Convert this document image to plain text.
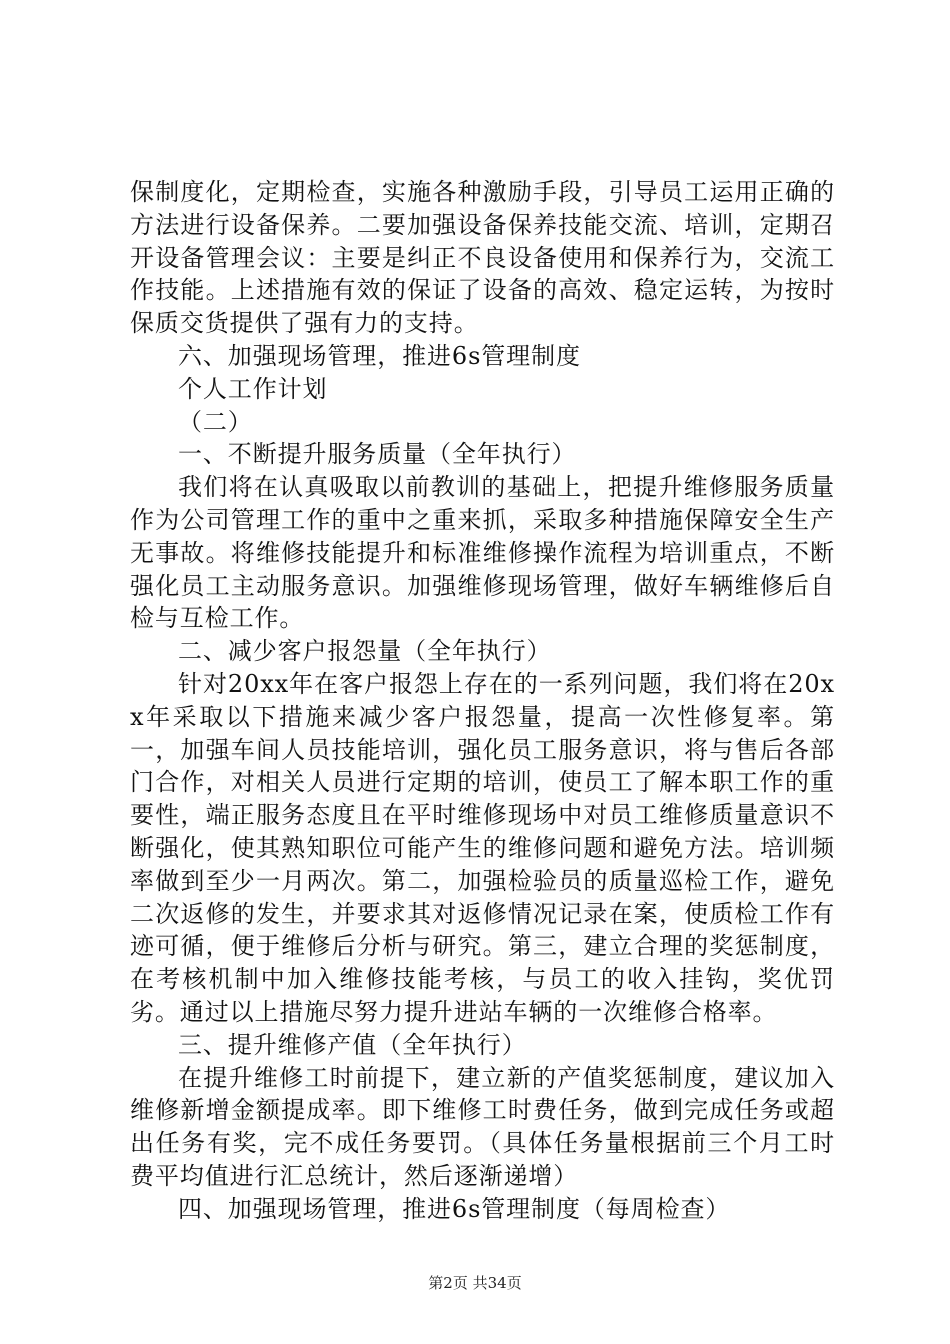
保制度化，定期检查，实施各种激励手段，引导员工运用正确的方法进行设备保养。二要加强设备保养技能交流、培训，定期召开设备管理会议：主要是纠正不良设备使用和保养行为，交流工作技能。上述措施有效的保证了设备的高效、稳定运转，为按时保质交货提供了强有力的支持。

六、加强现场管理，推进6s管理制度

个人工作计划

（二）

一、不断提升服务质量（全年执行）

我们将在认真吸取以前教训的基础上，把提升维修服务质量作为公司管理工作的重中之重来抓，采取多种措施保障安全生产无事故。将维修技能提升和标准维修操作流程为培训重点，不断强化员工主动服务意识。加强维修现场管理，做好车辆维修后自检与互检工作。

二、减少客户报怨量（全年执行）

针对20xx年在客户报怨上存在的一系列问题，我们将在20xx年采取以下措施来减少客户报怨量，提高一次性修复率。第一，加强车间人员技能培训，强化员工服务意识，将与售后各部门合作，对相关人员进行定期的培训，使员工了解本职工作的重要性，端正服务态度且在平时维修现场中对员工维修质量意识不断强化，使其熟知职位可能产生的维修问题和避免方法。培训频率做到至少一月两次。第二，加强检验员的质量巡检工作，避免二次返修的发生，并要求其对返修情况记录在案，使质检工作有迹可循，便于维修后分析与研究。第三，建立合理的奖惩制度，在考核机制中加入维修技能考核，与员工的收入挂钩，奖优罚劣。通过以上措施尽努力提升进站车辆的一次维修合格率。

三、提升维修产值（全年执行）

在提升维修工时前提下，建立新的产值奖惩制度，建议加入维修新增金额提成率。即下维修工时费任务，做到完成任务或超出任务有奖，完不成任务要罚。（具体任务量根据前三个月工时费平均值进行汇总统计，然后逐渐递增）

四、加强现场管理，推进6s管理制度（每周检查）

第2页 共34页
